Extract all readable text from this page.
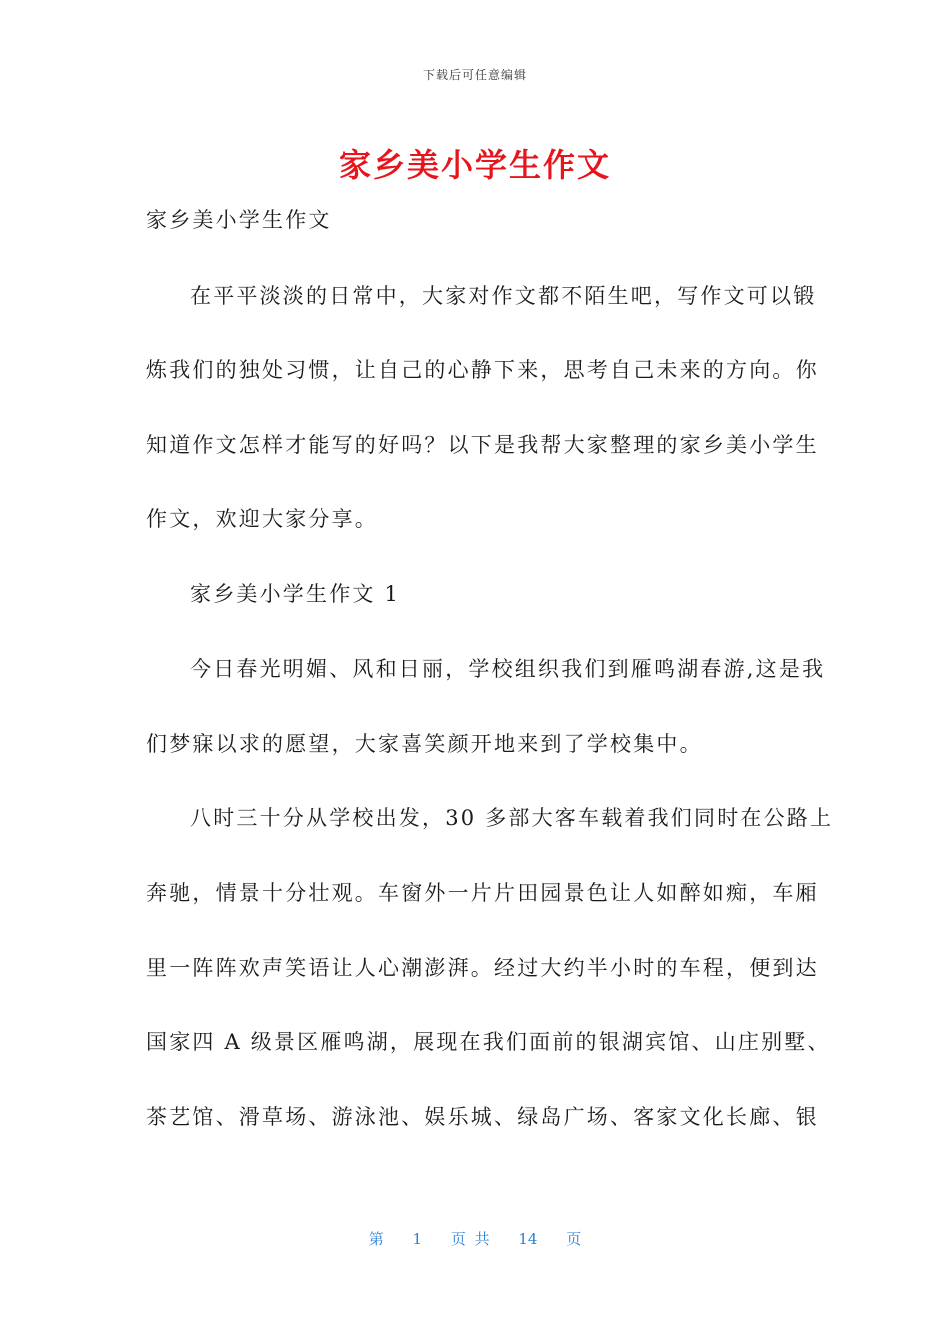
下载后可任意编辑
家乡美小学生作文
家乡美小学生作文
在平平淡淡的日常中，大家对作文都不陌生吧，写作文可以锻
炼我们的独处习惯，让自己的心静下来，思考自己未来的方向。你
知道作文怎样才能写的好吗？以下是我帮大家整理的家乡美小学生
作文，欢迎大家分享。
家乡美小学生作文 1
今日春光明媚、风和日丽，学校组织我们到雁鸣湖春游,这是我
们梦寐以求的愿望，大家喜笑颜开地来到了学校集中。
八时三十分从学校出发，30 多部大客车载着我们同时在公路上
奔驰，情景十分壮观。车窗外一片片田园景色让人如醉如痴，车厢
里一阵阵欢声笑语让人心潮澎湃。经过大约半小时的车程，便到达
国家四 A 级景区雁鸣湖，展现在我们面前的银湖宾馆、山庄别墅、
茶艺馆、滑草场、游泳池、娱乐城、绿岛广场、客家文化长廊、银
第 1 页 共 14 页
